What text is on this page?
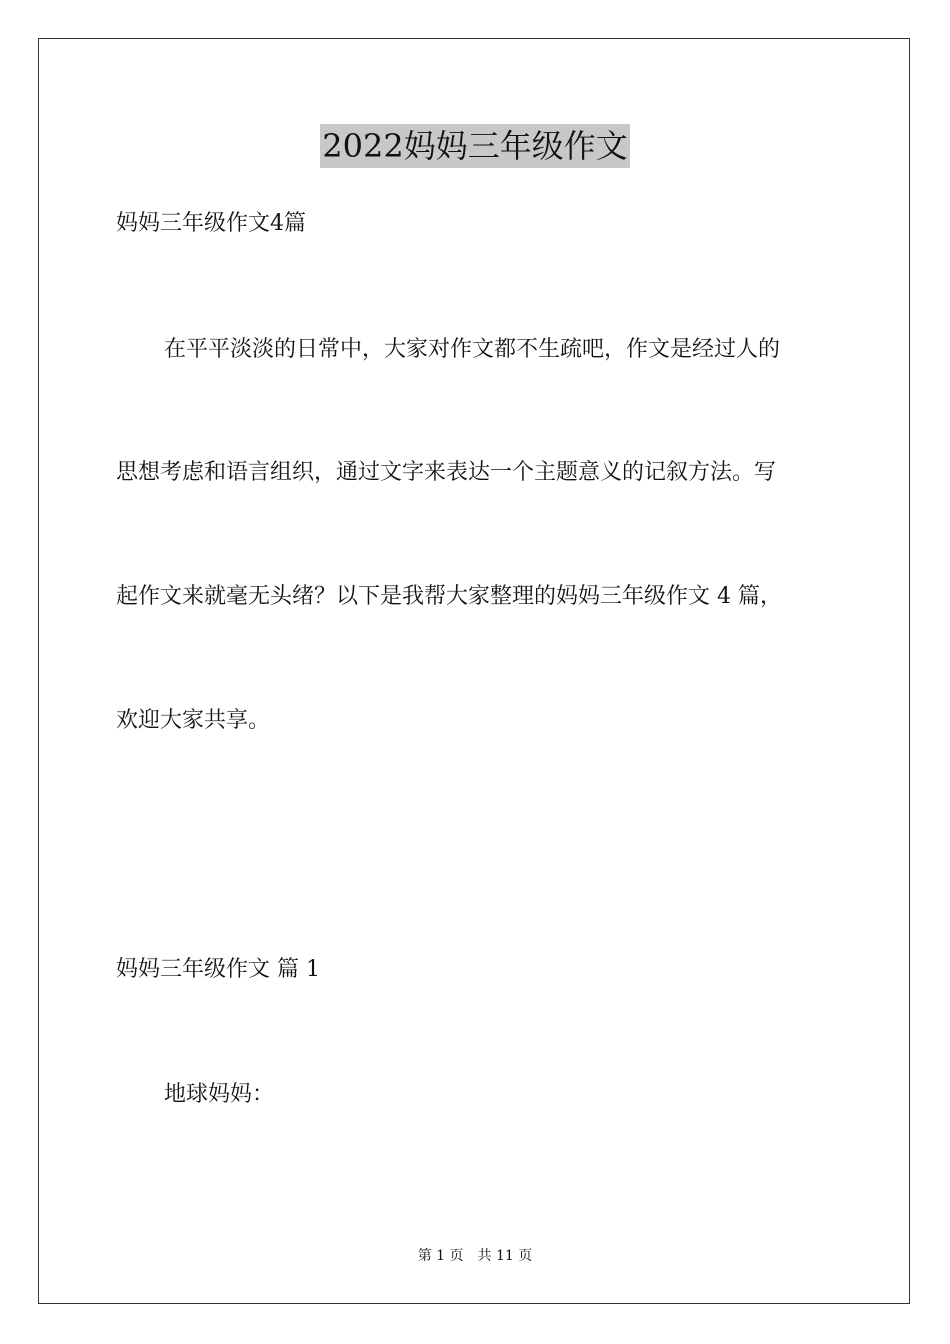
2022妈妈三年级作文
妈妈三年级作文4篇
在平平淡淡的日常中，大家对作文都不生疏吧，作文是经过人的
思想考虑和语言组织，通过文字来表达一个主题意义的记叙方法。写
起作文来就毫无头绪？以下是我帮大家整理的妈妈三年级作文 4 篇，
欢迎大家共享。
妈妈三年级作文 篇 1
地球妈妈：
第 1 页 共 11 页
